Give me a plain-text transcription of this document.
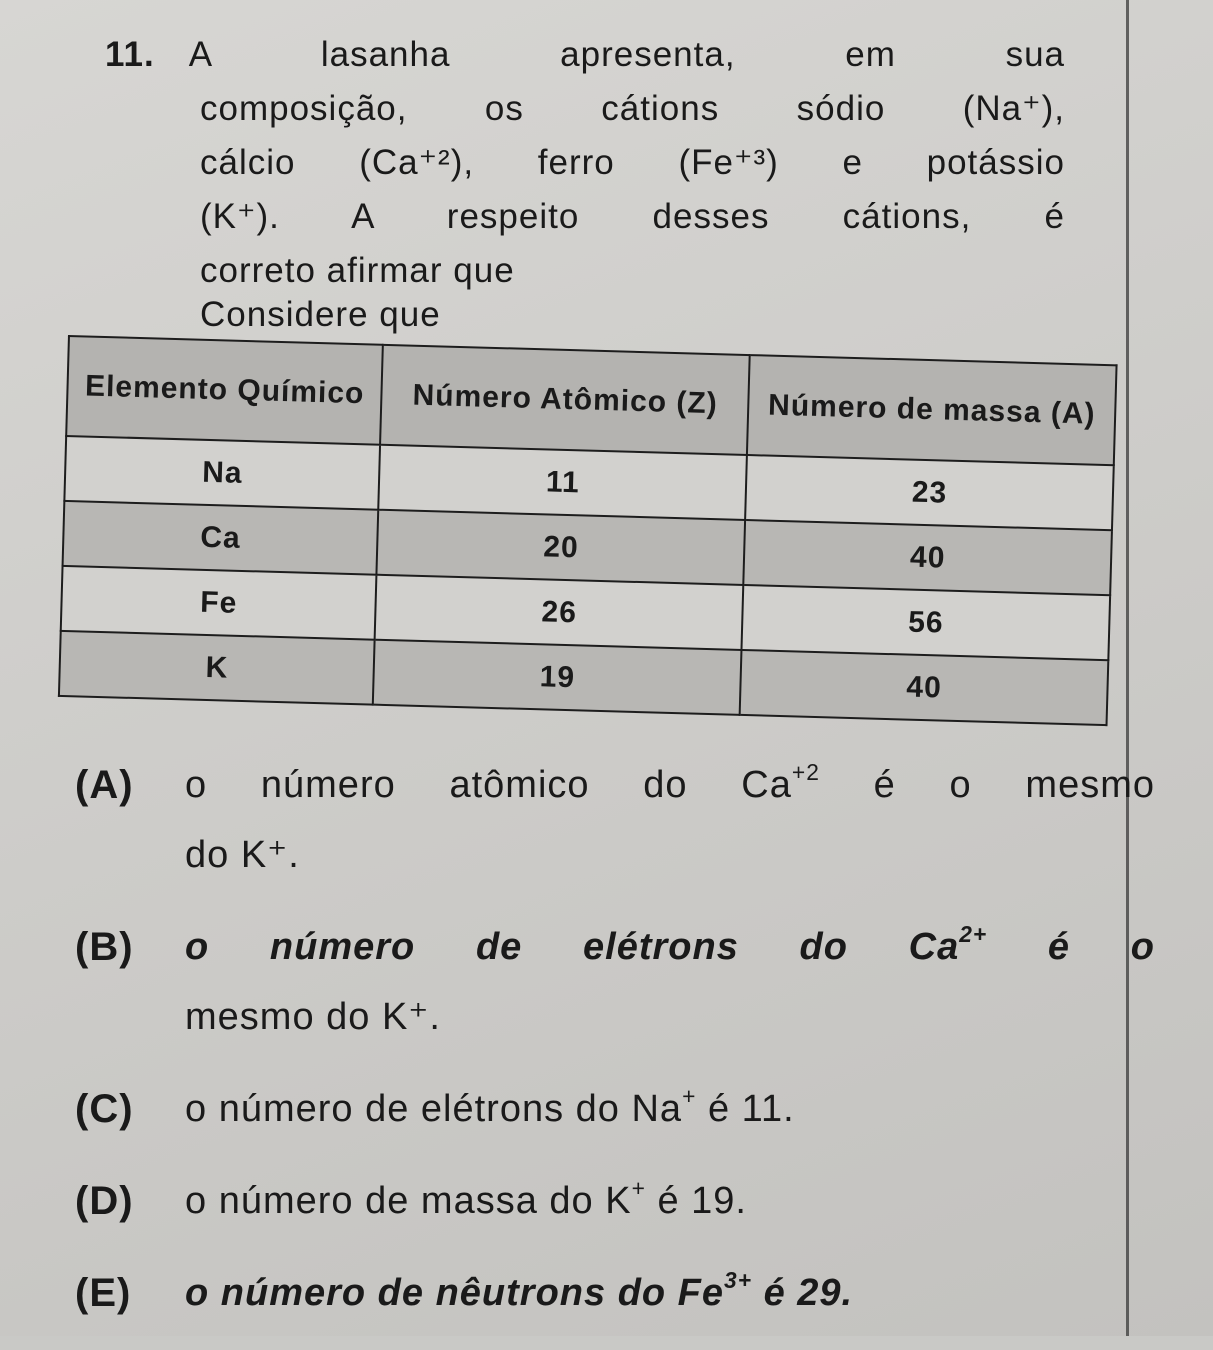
11. A lasanha apresenta, em sua
composição, os cátions sódio (Na⁺),
cálcio (Ca⁺²), ferro (Fe⁺³) e potássio
(K⁺). A respeito desses cátions, é
correto afirmar que
Considere que
Elemento Químico	Número Atômico (Z)	Número de massa (A)
Na	11	23
Ca	20	40
Fe	26	56
K	19	40
(A) o número atômico do $Ca^{+2}$ é o mesmo
do K⁺.
(B) o número de elétrons do $Ca^{2+}$ é o
mesmo do K⁺.
(C) o número de elétrons do Na+ é 11.
(D) o número de massa do K+ é 19.
(E) o número de nêutrons do $Fe^{3+}$ é 29.
